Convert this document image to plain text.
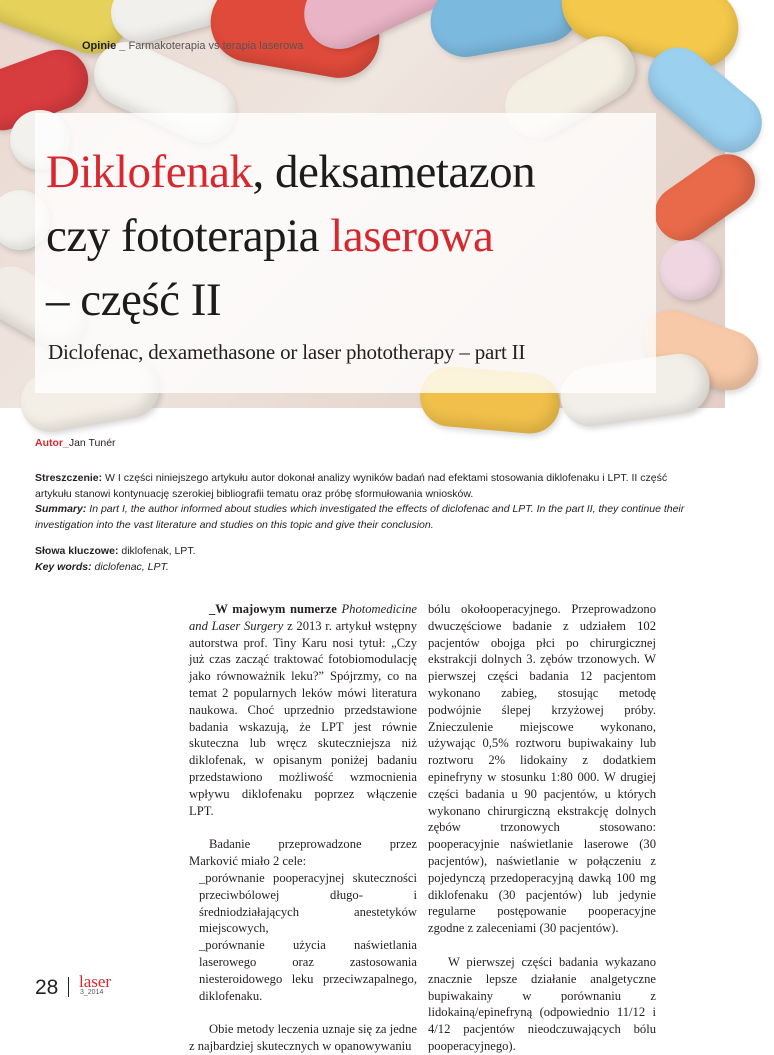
Opinie _ Farmakoterapia vs terapia laserowa
Diklofenak, deksametazon
czy fototerapia laserowa
– część II
Diclofenac, dexamethasone or laser phototherapy – part II
Autor_Jan Tunér
Streszczenie: W I części niniejszego artykułu autor dokonał analizy wyników badań nad efektami stosowania diklofenaku i LPT. II część artykułu stanowi kontynuację szerokiej bibliografii tematu oraz próbę sformułowania wniosków.
Summary: In part I, the author informed about studies which investigated the effects of diclofenac and LPT. In the part II, they continue their investigation into the vast literature and studies on this topic and give their conclusion.
Słowa kluczowe: diklofenak, LPT.
Key words: diclofenac, LPT.

_W majowym numerze Photomedicine and Laser Surgery z 2013 r. artykuł wstępny autorstwa prof. Tiny Karu nosi tytuł: „Czy już czas zacząć traktować fotobiomodulację jako równoważnik leku?” Spójrzmy, co na temat 2 popularnych leków mówi literatura naukowa. Choć uprzednio przedstawione badania wskazują, że LPT jest równie skuteczna lub wręcz skuteczniejsza niż diklofenak, w opisanym poniżej badaniu przedstawiono możliwość wzmocnienia wpływu diklofenaku poprzez włączenie LPT.

Badanie przeprowadzone przez Marković miało 2 cele:

_porównanie pooperacyjnej skuteczności przeciwbólowej długo- i średniodziałających anestetyków miejscowych,

_porównanie użycia naświetlania laserowego oraz zastosowania niesteroidowego leku przeciwzapalnego, diklofenaku.

Obie metody leczenia uznaje się za jedne z najbardziej skutecznych w opanowywaniu

bólu okołooperacyjnego. Przeprowadzono dwuczęściowe badanie z udziałem 102 pacjentów obojga płci po chirurgicznej ekstrakcji dolnych 3. zębów trzonowych. W pierwszej części badania 12 pacjentom wykonano zabieg, stosując metodę podwójnie ślepej krzyżowej próby. Znieczulenie miejscowe wykonano, używając 0,5% roztworu bupiwakainy lub roztworu 2% lidokainy z dodatkiem epinefryny w stosunku 1:80 000. W drugiej części badania u 90 pacjentów, u których wykonano chirurgiczną ekstrakcję dolnych zębów trzonowych stosowano: pooperacyjnie naświetlanie laserowe (30 pacjentów), naświetlanie w połączeniu z pojedynczą przedoperacyjną dawką 100 mg diklofenaku (30 pacjentów) lub jedynie regularne postępowanie pooperacyjne zgodne z zaleceniami (30 pacjentów).

W pierwszej części badania wykazano znacznie lepsze działanie analgetyczne bupiwakainy w porównaniu z lidokainą/epinefryną (odpowiednio 11/12 i 4/12 pacjentów nieodczuwających bólu pooperacyjnego).

28 laser
3_2014
